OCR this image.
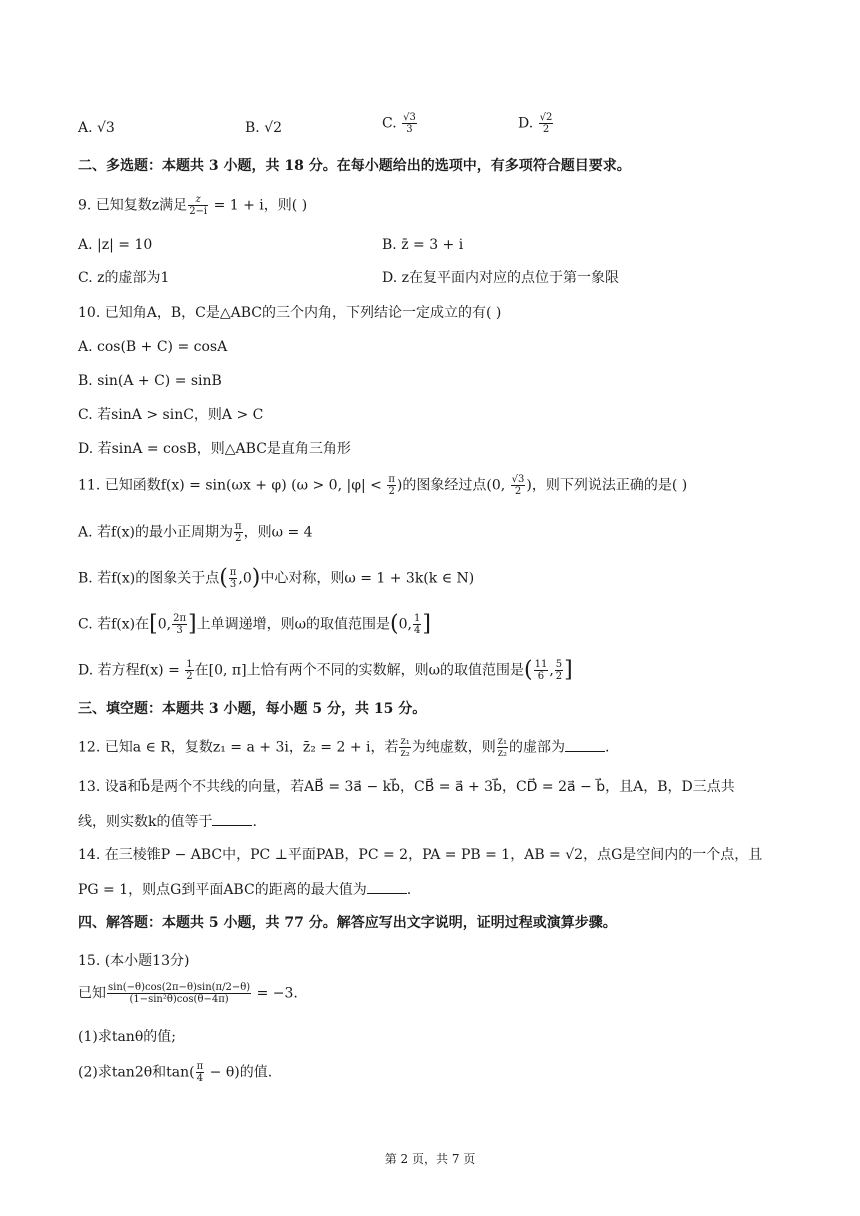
A. √3	B. √2	C. $\frac{√3}{3}$	D. $\frac{√2}{2}$
二、多选题：本题共 3 小题，共 18 分。在每小题给出的选项中，有多项符合题目要求。
9. 已知复数z满足 $\frac{z}{2-i} = 1 + i$，则( )
A. |z| = 10	B. z̄ = 3 + i
C. z的虚部为1	D. z在复平面内对应的点位于第一象限
10. 已知角A，B，C是△ABC的三个内角，下列结论一定成立的有( )
A. cos(B + C) = cosA
B. sin(A + C) = sinB
C. 若sinA > sinC，则A > C
D. 若sinA = cosB，则△ABC是直角三角形
11. 已知函数f(x) = sin(ωx + φ) (ω > 0, $|\varphi| < \frac{\pi}{2}$ )的图象经过点(0, $\frac{√3}{2}$ )，则下列说法正确的是( )
A. 若f(x)的最小正周期为 $\frac{\pi}{2}$ ，则ω = 4
B. 若f(x)的图象关于点( $\frac{\pi}{3} ,0$)中心对称，则ω = 1 + 3k(k ∈ N)
C. 若f(x)在[0, $\frac{2\pi}{3}$ ]上单调递增，则ω的取值范围是(0, $\frac{1}{4}$ ]
D. 若方程$f(x) = \frac{1}{2}$ 在[0, π]上恰有两个不同的实数解，则ω的取值范围是( $\frac{11}{6}$ , $\frac{5}{2}$ ]
三、填空题：本题共 3 小题，每小题 5 分，共 15 分。
12. 已知a ∈ R，复数z₁ = a + 3i，z̄₂ = 2 + i，若 $\frac{\text{z₁}}{\text{z₂}}$ 为纯虚数，则 $\frac{\text{z₁}}{\text{z₂}}$ 的虚部为	.
13. 设a⃗和b⃗是两个不共线的向量，若AB⃗ = 3a⃗ − kb⃗，CB⃗ = a⃗ + 3b⃗，CD⃗ = 2a⃗ − b⃗，且A，B，D三点共
线，则实数k的值等于	.
14. 在三棱锥P − ABC中，PC ⊥平面PAB，PC = 2，PA = PB = 1，AB = √2，点G是空间内的一个点，且
PG = 1，则点G到平面ABC的距离的最大值为	.
四、解答题：本题共 5 小题，共 77 分。解答应写出文字说明，证明过程或演算步骤。
15. (本小题13分)
已知 $\frac{\sin(-\theta)\cos(2\pi-\theta)\sin(\pi/2-\theta)}{\text{(1−sin²θ)cos(θ−4π)}} = -3$.
(1)求tanθ的值;
(2)求tan2θ和$\tan( \frac{\pi}{4} - \theta)$的值.
第 2 页，共 7 页
